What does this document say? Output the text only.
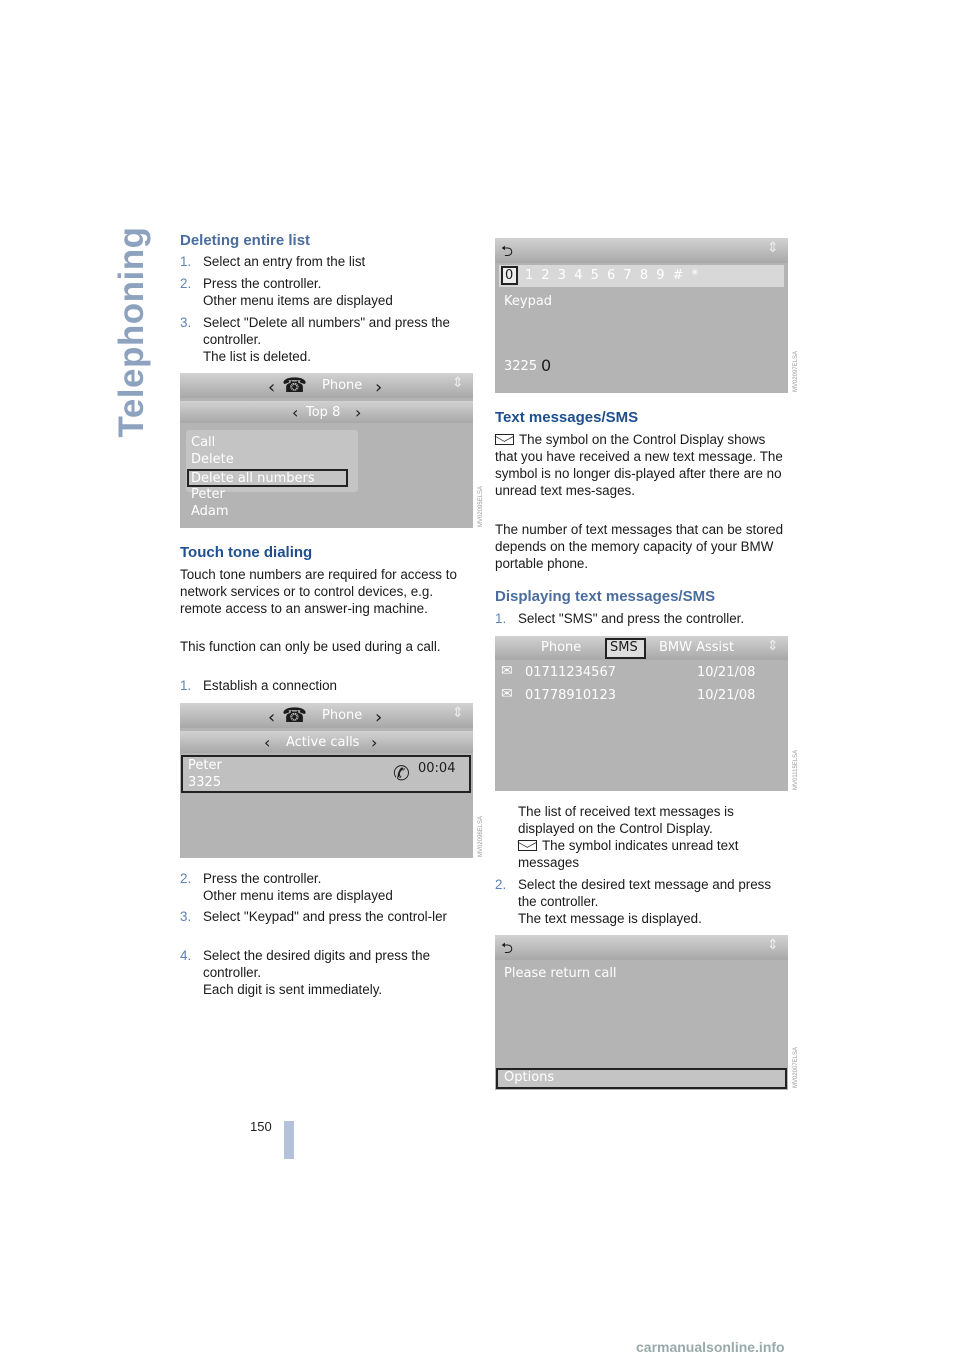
Telephoning Deleting entire list
1. Select an entry from the list
2. Press the controller.
Other menu items are displayed
3. Select "Delete all numbers" and press the controller.
The list is deleted.
‹ ☎ Phone ›	⇕
‹ Top 8 ›
Call
Delete
Delete all numbers
Peter
Adam	MV02095ELSA
Touch tone dialing

Touch tone numbers are required for access to network services or to control devices, e.g. remote access to an answer-ing machine.

This function can only be used during a call.

1. Establish a connection
‹ ☎ Phone ›	⇕
‹ Active calls ›
Peter
3325	✆ 00:04
MV02096ELSA
2. Press the controller.
Other menu items are displayed
3. Select "Keypad" and press the control-ler
4. Select the desired digits and press the controller.
Each digit is sent immediately.
⮌	⇕
0 1 2 3 4 5 6 7 8 9 # *
Keypad
3225 0	MV02097ELSA
Text messages/SMS

The symbol on the Control Display shows that you have received a new text message. The symbol is no longer dis-played after there are no unread text mes-sages.

The number of text messages that can be stored depends on the memory capacity of your BMW portable phone.

Displaying text messages/SMS
1. Select "SMS" and press the controller.
Phone SMS BMW Assist ⇕
✉ 01711234567	10/21/08
✉ 01778910123	10/21/08
MV01115ELSA

The list of received text messages is displayed on the Control Display.

The symbol indicates unread text messages

2. Select the desired text message and press the controller.
The text message is displayed.
⮌	⇕
Please return call
Options	MV02007ELSA
150
carmanualsonline.info
